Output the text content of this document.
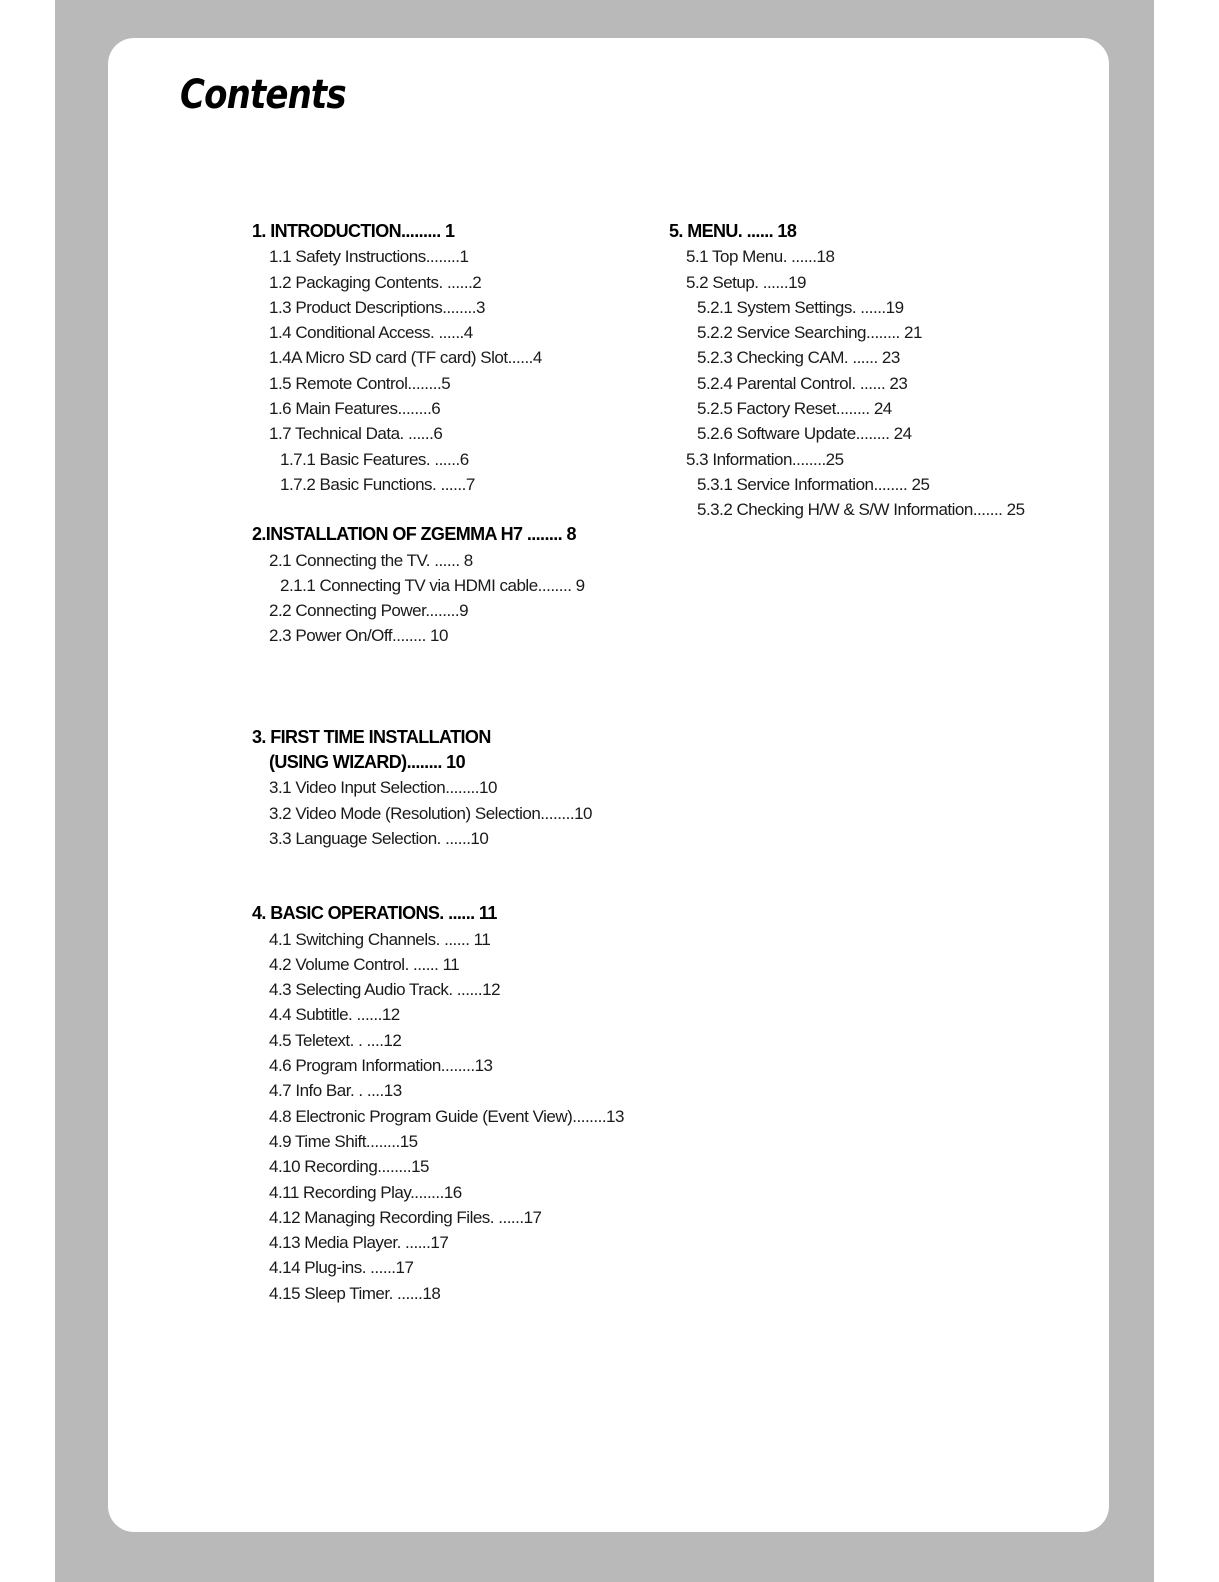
Contents
1. INTRODUCTION......... 1
1.1 Safety Instructions........1
1.2 Packaging Contents. ......2
1.3 Product Descriptions........3
1.4 Conditional Access. ......4
1.4A Micro SD card (TF card) Slot......4
1.5 Remote Control........5
1.6 Main Features........6
1.7 Technical Data. ......6
1.7.1 Basic Features. ......6
1.7.2 Basic Functions. ......7
2.INSTALLATION OF ZGEMMA H7 ........ 8
2.1 Connecting the TV. ...... 8
2.1.1 Connecting TV via HDMI cable........ 9
2.2 Connecting Power........9
2.3 Power On/Off........ 10
3. FIRST TIME INSTALLATION
(USING WIZARD)........ 10
3.1 Video Input Selection........10
3.2 Video Mode (Resolution) Selection........10
3.3 Language Selection. ......10
4. BASIC OPERATIONS. ...... 11
4.1 Switching Channels. ...... 11
4.2 Volume Control. ...... 11
4.3 Selecting Audio Track. ......12
4.4 Subtitle. ......12
4.5 Teletext. . ....12
4.6 Program Information........13
4.7 Info Bar. . ....13
4.8 Electronic Program Guide (Event View)........13
4.9 Time Shift........15
4.10 Recording........15
4.11 Recording Play........16
4.12 Managing Recording Files. ......17
4.13 Media Player. ......17
4.14 Plug-ins. ......17
4.15 Sleep Timer. ......18
5. MENU. ...... 18
5.1 Top Menu. ......18
5.2 Setup. ......19
5.2.1 System Settings. ......19
5.2.2 Service Searching........ 21
5.2.3 Checking CAM. ...... 23
5.2.4 Parental Control. ...... 23
5.2.5 Factory Reset........ 24
5.2.6 Software Update........ 24
5.3 Information........25
5.3.1 Service Information........ 25
5.3.2 Checking H/W & S/W Information....... 25
